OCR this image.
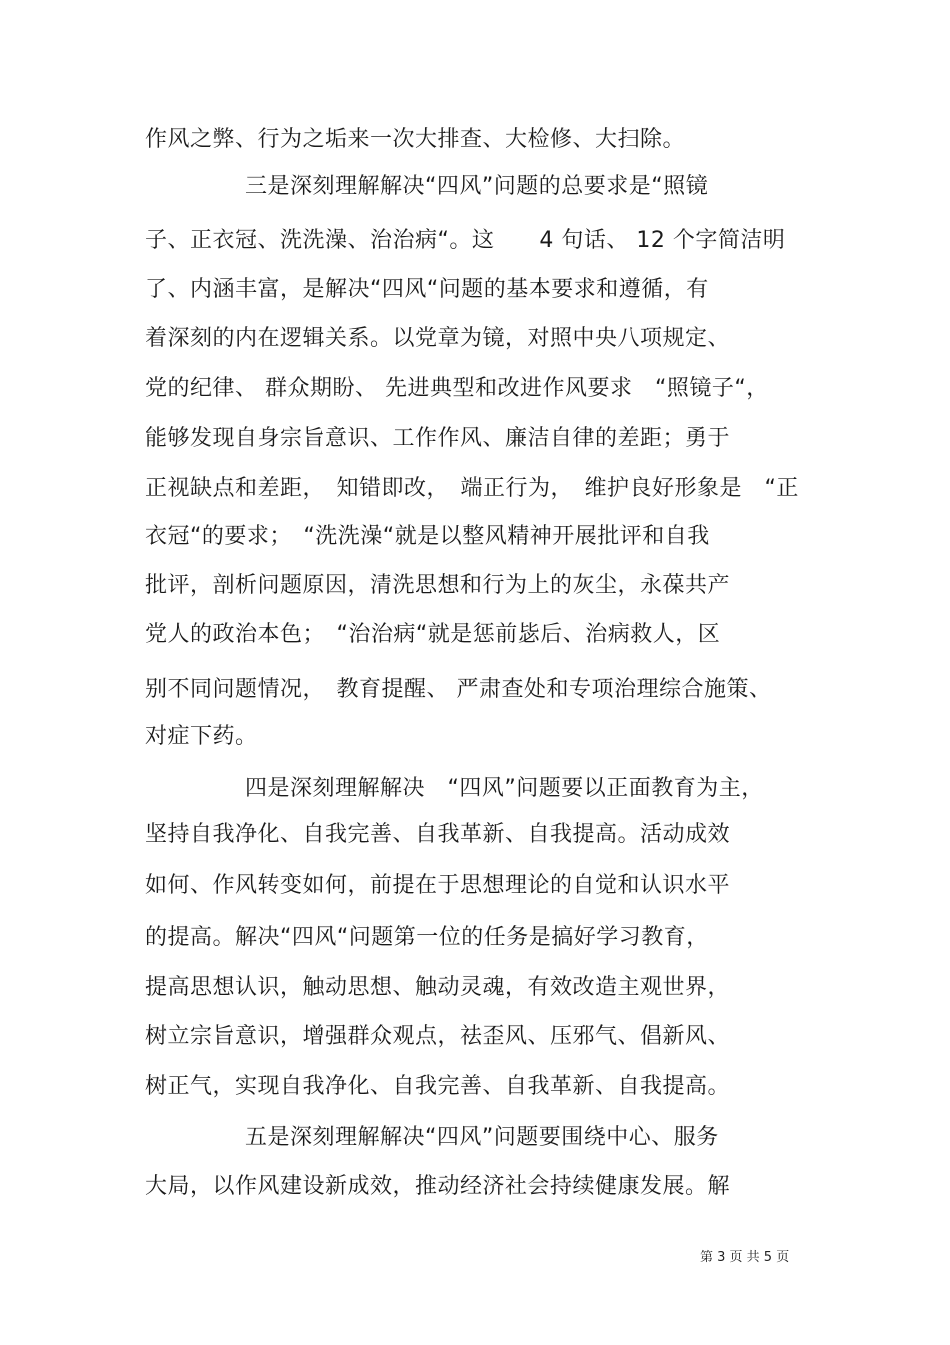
作风之弊、行为之垢来一次大排查、大检修、大扫除。
三是深刻理解解决“四风”问题的总要求是“照镜
子、正衣冠、洗洗澡、治治病“。这　　4 句话、 12 个字简洁明
了、内涵丰富，是解决“四风“问题的基本要求和遵循，有
着深刻的内在逻辑关系。以党章为镜，对照中央八项规定、
党的纪律、 群众期盼、 先进典型和改进作风要求　“照镜子“，
能够发现自身宗旨意识、工作作风、廉洁自律的差距；勇于
正视缺点和差距，　知错即改，　端正行为，　维护良好形象是　“正
衣冠“的要求；　“洗洗澡“就是以整风精神开展批评和自我
批评，剖析问题原因，清洗思想和行为上的灰尘，永葆共产
党人的政治本色；　“治治病“就是惩前毖后、治病救人，区
别不同问题情况，　教育提醒、 严肃查处和专项治理综合施策、
对症下药。
四是深刻理解解决　“四风”问题要以正面教育为主，
坚持自我净化、自我完善、自我革新、自我提高。活动成效
如何、作风转变如何，前提在于思想理论的自觉和认识水平
的提高。解决“四风“问题第一位的任务是搞好学习教育，
提高思想认识，触动思想、触动灵魂，有效改造主观世界，
树立宗旨意识，增强群众观点，祛歪风、压邪气、倡新风、
树正气，实现自我净化、自我完善、自我革新、自我提高。
五是深刻理解解决“四风”问题要围绕中心、服务
大局，以作风建设新成效，推动经济社会持续健康发展。解
第 3 页 共 5 页
